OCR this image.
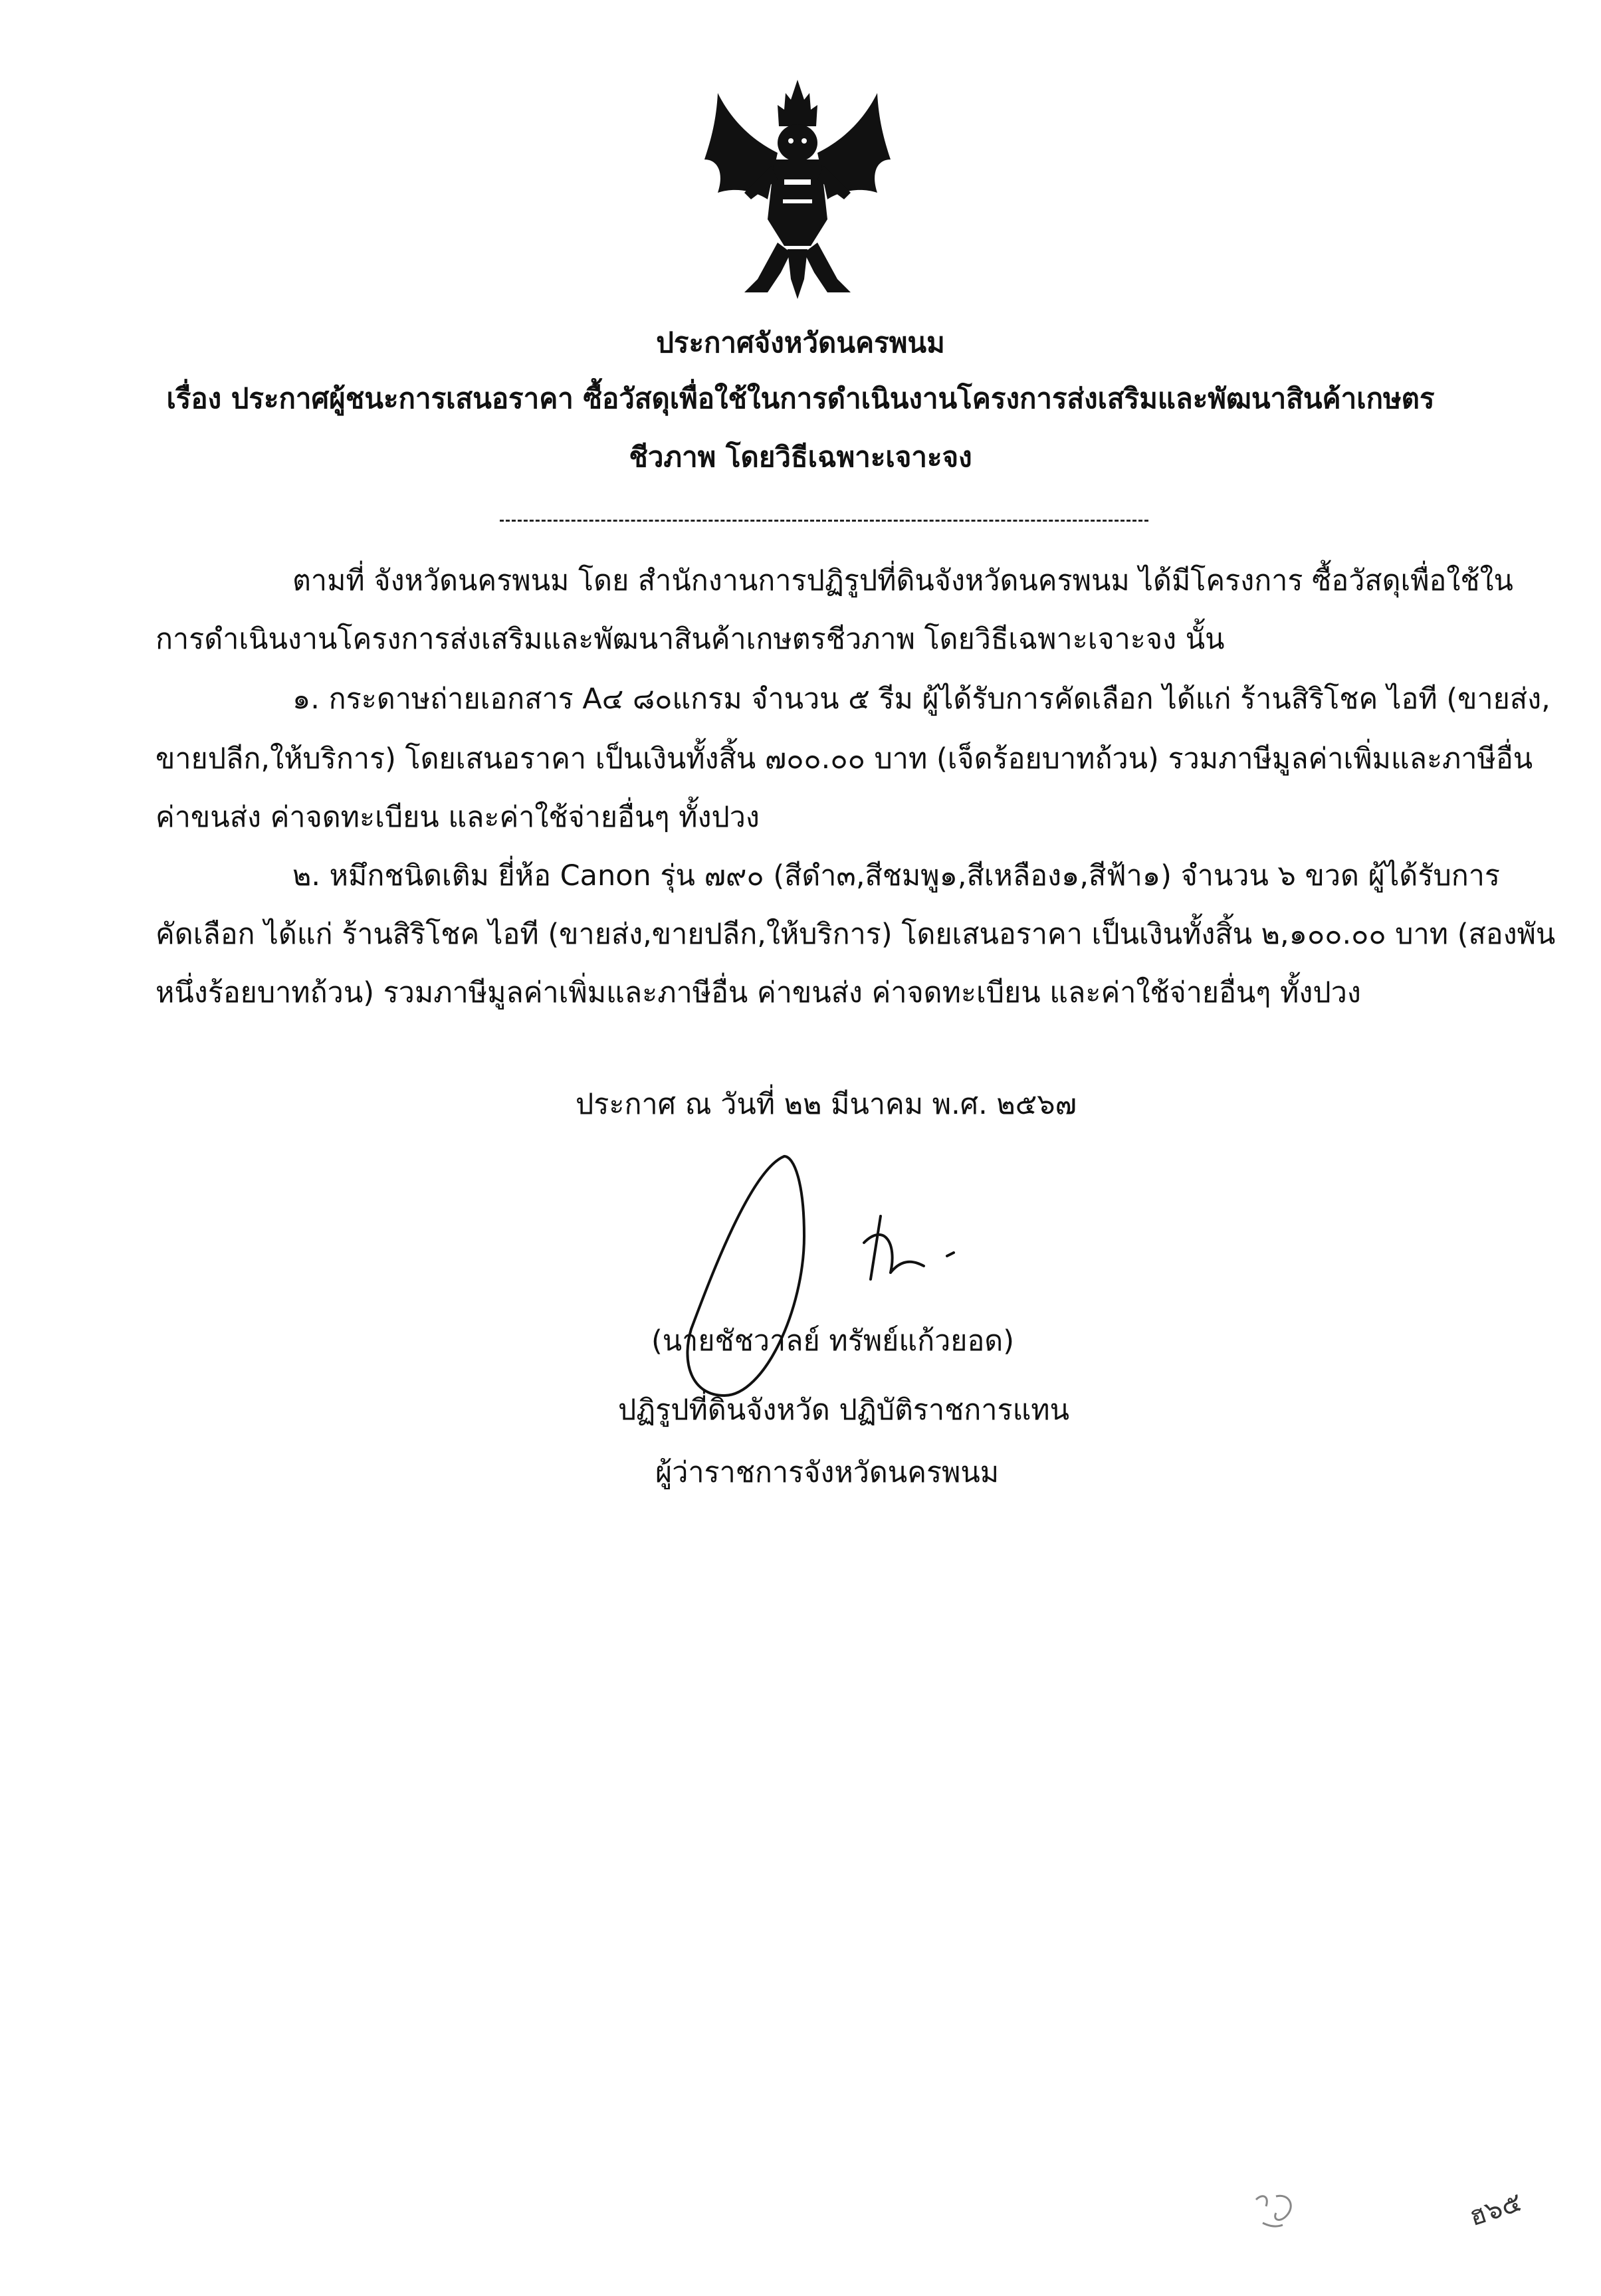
ประกาศจังหวัดนครพนม
เรื่อง ประกาศผู้ชนะการเสนอราคา ซื้อวัสดุเพื่อใช้ในการดำเนินงานโครงการส่งเสริมและพัฒนาสินค้าเกษตร
ชีวภาพ โดยวิธีเฉพาะเจาะจง
ตามที่ จังหวัดนครพนม โดย สำนักงานการปฏิรูปที่ดินจังหวัดนครพนม ได้มีโครงการ ซื้อวัสดุเพื่อใช้ใน
การดำเนินงานโครงการส่งเสริมและพัฒนาสินค้าเกษตรชีวภาพ โดยวิธีเฉพาะเจาะจง นั้น
๑. กระดาษถ่ายเอกสาร A๔ ๘๐แกรม จำนวน ๕ รีม ผู้ได้รับการคัดเลือก ได้แก่ ร้านสิริโชค ไอที (ขายส่ง,
ขายปลีก,ให้บริการ) โดยเสนอราคา เป็นเงินทั้งสิ้น ๗๐๐.๐๐ บาท (เจ็ดร้อยบาทถ้วน) รวมภาษีมูลค่าเพิ่มและภาษีอื่น
ค่าขนส่ง ค่าจดทะเบียน และค่าใช้จ่ายอื่นๆ ทั้งปวง
๒. หมึกชนิดเติม ยี่ห้อ Canon รุ่น ๗๙๐ (สีดำ๓,สีชมพู๑,สีเหลือง๑,สีฟ้า๑) จำนวน ๖ ขวด ผู้ได้รับการ
คัดเลือก ได้แก่ ร้านสิริโชค ไอที (ขายส่ง,ขายปลีก,ให้บริการ) โดยเสนอราคา เป็นเงินทั้งสิ้น ๒,๑๐๐.๐๐ บาท (สองพัน
หนึ่งร้อยบาทถ้วน) รวมภาษีมูลค่าเพิ่มและภาษีอื่น ค่าขนส่ง ค่าจดทะเบียน และค่าใช้จ่ายอื่นๆ ทั้งปวง
ประกาศ ณ วันที่ ๒๒ มีนาคม พ.ศ. ๒๕๖๗
(นายชัชวาลย์ ทรัพย์แก้วยอด)
ปฏิรูปที่ดินจังหวัด ปฏิบัติราชการแทน
ผู้ว่าราชการจังหวัดนครพนม
ฮ๖๕
